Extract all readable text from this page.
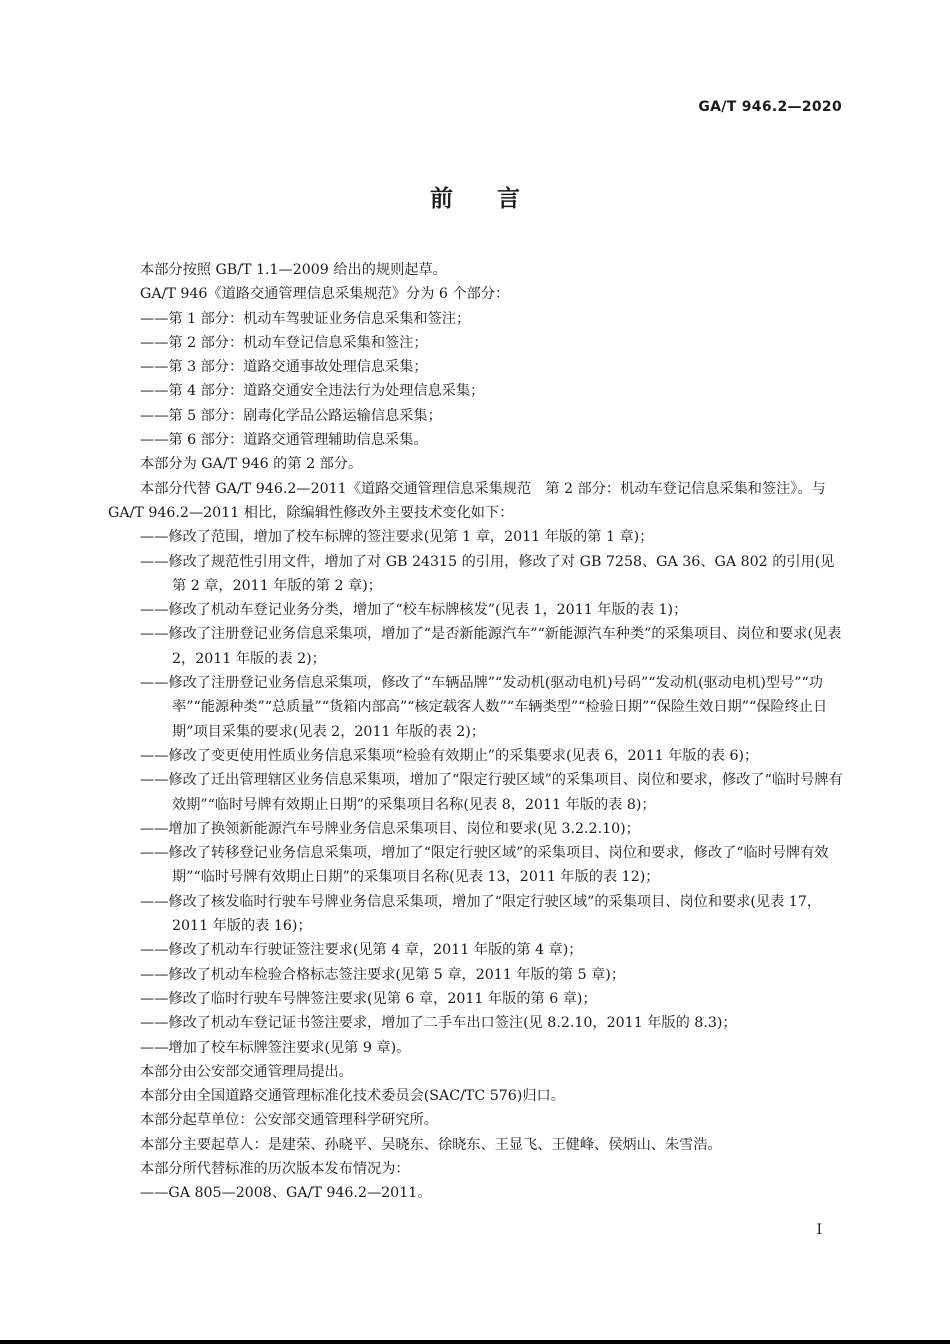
GA/T 946.2—2020
前言

本部分按照 GB/T 1.1—2009 给出的规则起草。

GA/T 946《道路交通管理信息采集规范》分为 6 个部分：

——第 1 部分：机动车驾驶证业务信息采集和签注；

——第 2 部分：机动车登记信息采集和签注；

——第 3 部分：道路交通事故处理信息采集；

——第 4 部分：道路交通安全违法行为处理信息采集；

——第 5 部分：剧毒化学品公路运输信息采集；

——第 6 部分：道路交通管理辅助信息采集。

本部分为 GA/T 946 的第 2 部分。

本部分代替 GA/T 946.2—2011《道路交通管理信息采集规范　第 2 部分：机动车登记信息采集和签注》。与 GA/T 946.2—2011 相比，除编辑性修改外主要技术变化如下：

——修改了范围，增加了校车标牌的签注要求(见第 1 章，2011 年版的第 1 章)；

——修改了规范性引用文件，增加了对 GB 24315 的引用，修改了对 GB 7258、GA 36、GA 802 的引用(见第 2 章，2011 年版的第 2 章)；

——修改了机动车登记业务分类，增加了“校车标牌核发”(见表 1，2011 年版的表 1)；

——修改了注册登记业务信息采集项，增加了“是否新能源汽车”“新能源汽车种类”的采集项目、岗位和要求(见表 2，2011 年版的表 2)；

——修改了注册登记业务信息采集项，修改了“车辆品牌”“发动机(驱动电机)号码”“发动机(驱动电机)型号”“功率”“能源种类”“总质量”“货箱内部高”“核定载客人数”“车辆类型”“检验日期”“保险生效日期”“保险终止日期”项目采集的要求(见表 2，2011 年版的表 2)；

——修改了变更使用性质业务信息采集项“检验有效期止”的采集要求(见表 6，2011 年版的表 6)；

——修改了迁出管理辖区业务信息采集项，增加了“限定行驶区域”的采集项目、岗位和要求，修改了“临时号牌有效期”“临时号牌有效期止日期”的采集项目名称(见表 8，2011 年版的表 8)；

——增加了换领新能源汽车号牌业务信息采集项目、岗位和要求(见 3.2.2.10)；

——修改了转移登记业务信息采集项，增加了“限定行驶区域”的采集项目、岗位和要求，修改了“临时号牌有效期”“临时号牌有效期止日期”的采集项目名称(见表 13，2011 年版的表 12)；

——修改了核发临时行驶车号牌业务信息采集项，增加了“限定行驶区域”的采集项目、岗位和要求(见表 17，2011 年版的表 16)；

——修改了机动车行驶证签注要求(见第 4 章，2011 年版的第 4 章)；

——修改了机动车检验合格标志签注要求(见第 5 章，2011 年版的第 5 章)；

——修改了临时行驶车号牌签注要求(见第 6 章，2011 年版的第 6 章)；

——修改了机动车登记证书签注要求，增加了二手车出口签注(见 8.2.10，2011 年版的 8.3)；

——增加了校车标牌签注要求(见第 9 章)。

本部分由公安部交通管理局提出。

本部分由全国道路交通管理标准化技术委员会(SAC/TC 576)归口。

本部分起草单位：公安部交通管理科学研究所。

本部分主要起草人：是建荣、孙晓平、吴晓东、徐晓东、王显飞、王健峰、侯炳山、朱雪浩。

本部分所代替标准的历次版本发布情况为：

——GA 805—2008、GA/T 946.2—2011。

I
